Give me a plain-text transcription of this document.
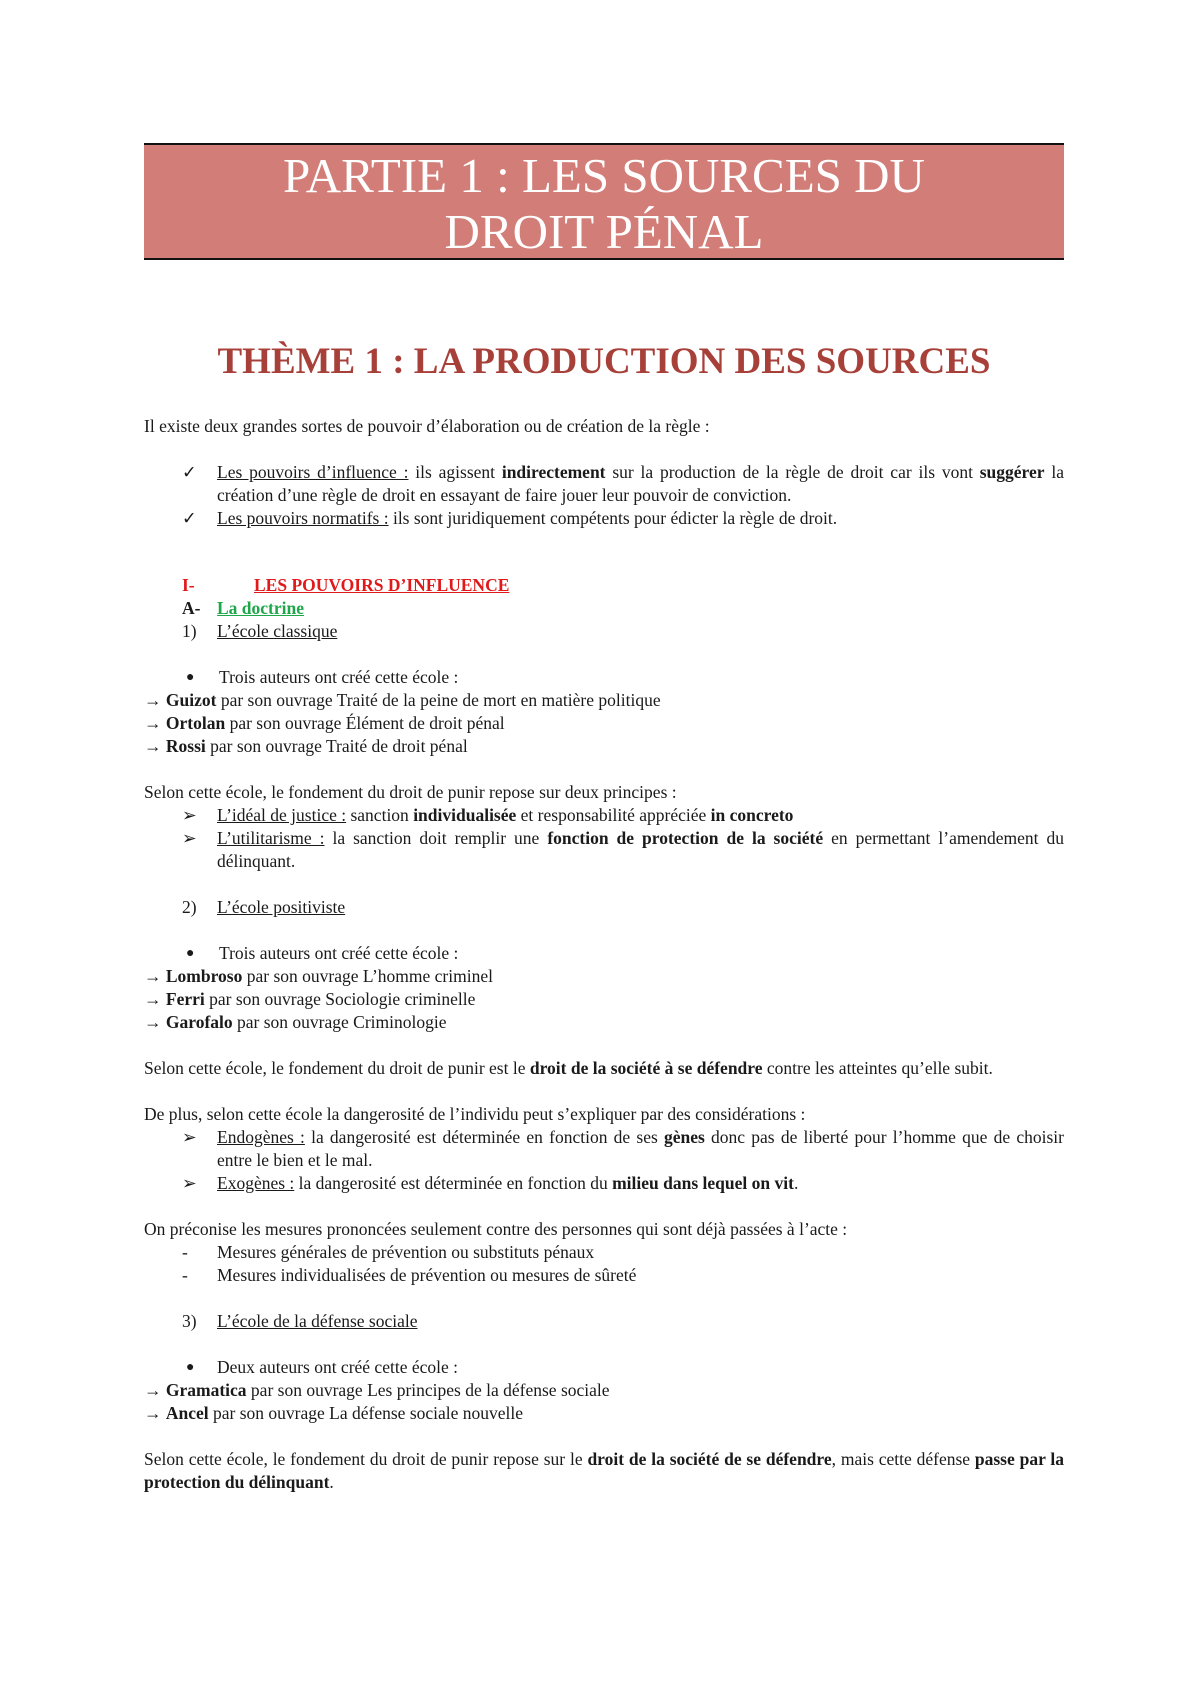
PARTIE 1 : LES SOURCES DU
DROIT PÉNAL
THÈME 1 : LA PRODUCTION DES SOURCES
Il existe deux grandes sortes de pouvoir d’élaboration ou de création de la règle :
✓ Les pouvoirs d’influence : ils agissent indirectement sur la production de la règle de droit car ils vont suggérer la création d’une règle de droit en essayant de faire jouer leur pouvoir de conviction.
✓ Les pouvoirs normatifs : ils sont juridiquement compétents pour édicter la règle de droit.
I-	LES POUVOIRS D’INFLUENCE
A- La doctrine
1) L’école classique
● Trois auteurs ont créé cette école :
→ Guizot par son ouvrage Traité de la peine de mort en matière politique
→ Ortolan par son ouvrage Élément de droit pénal
→ Rossi par son ouvrage Traité de droit pénal
Selon cette école, le fondement du droit de punir repose sur deux principes :
➢ L’idéal de justice : sanction individualisée et responsabilité appréciée in concreto
➢ L’utilitarisme : la sanction doit remplir une fonction de protection de la société en permettant l’amendement du délinquant.
2) L’école positiviste
● Trois auteurs ont créé cette école :
→ Lombroso par son ouvrage L’homme criminel
→ Ferri par son ouvrage Sociologie criminelle
→ Garofalo par son ouvrage Criminologie
Selon cette école, le fondement du droit de punir est le droit de la société à se défendre contre les atteintes qu’elle subit.
De plus, selon cette école la dangerosité de l’individu peut s’expliquer par des considérations :
➢ Endogènes : la dangerosité est déterminée en fonction de ses gènes donc pas de liberté pour l’homme que de choisir entre le bien et le mal.
➢ Exogènes : la dangerosité est déterminée en fonction du milieu dans lequel on vit.
On préconise les mesures prononcées seulement contre des personnes qui sont déjà passées à l’acte :
- Mesures générales de prévention ou substituts pénaux
- Mesures individualisées de prévention ou mesures de sûreté
3) L’école de la défense sociale
● Deux auteurs ont créé cette école :
→ Gramatica par son ouvrage Les principes de la défense sociale
→ Ancel par son ouvrage La défense sociale nouvelle
Selon cette école, le fondement du droit de punir repose sur le droit de la société de se défendre, mais cette défense passe par la protection du délinquant.
